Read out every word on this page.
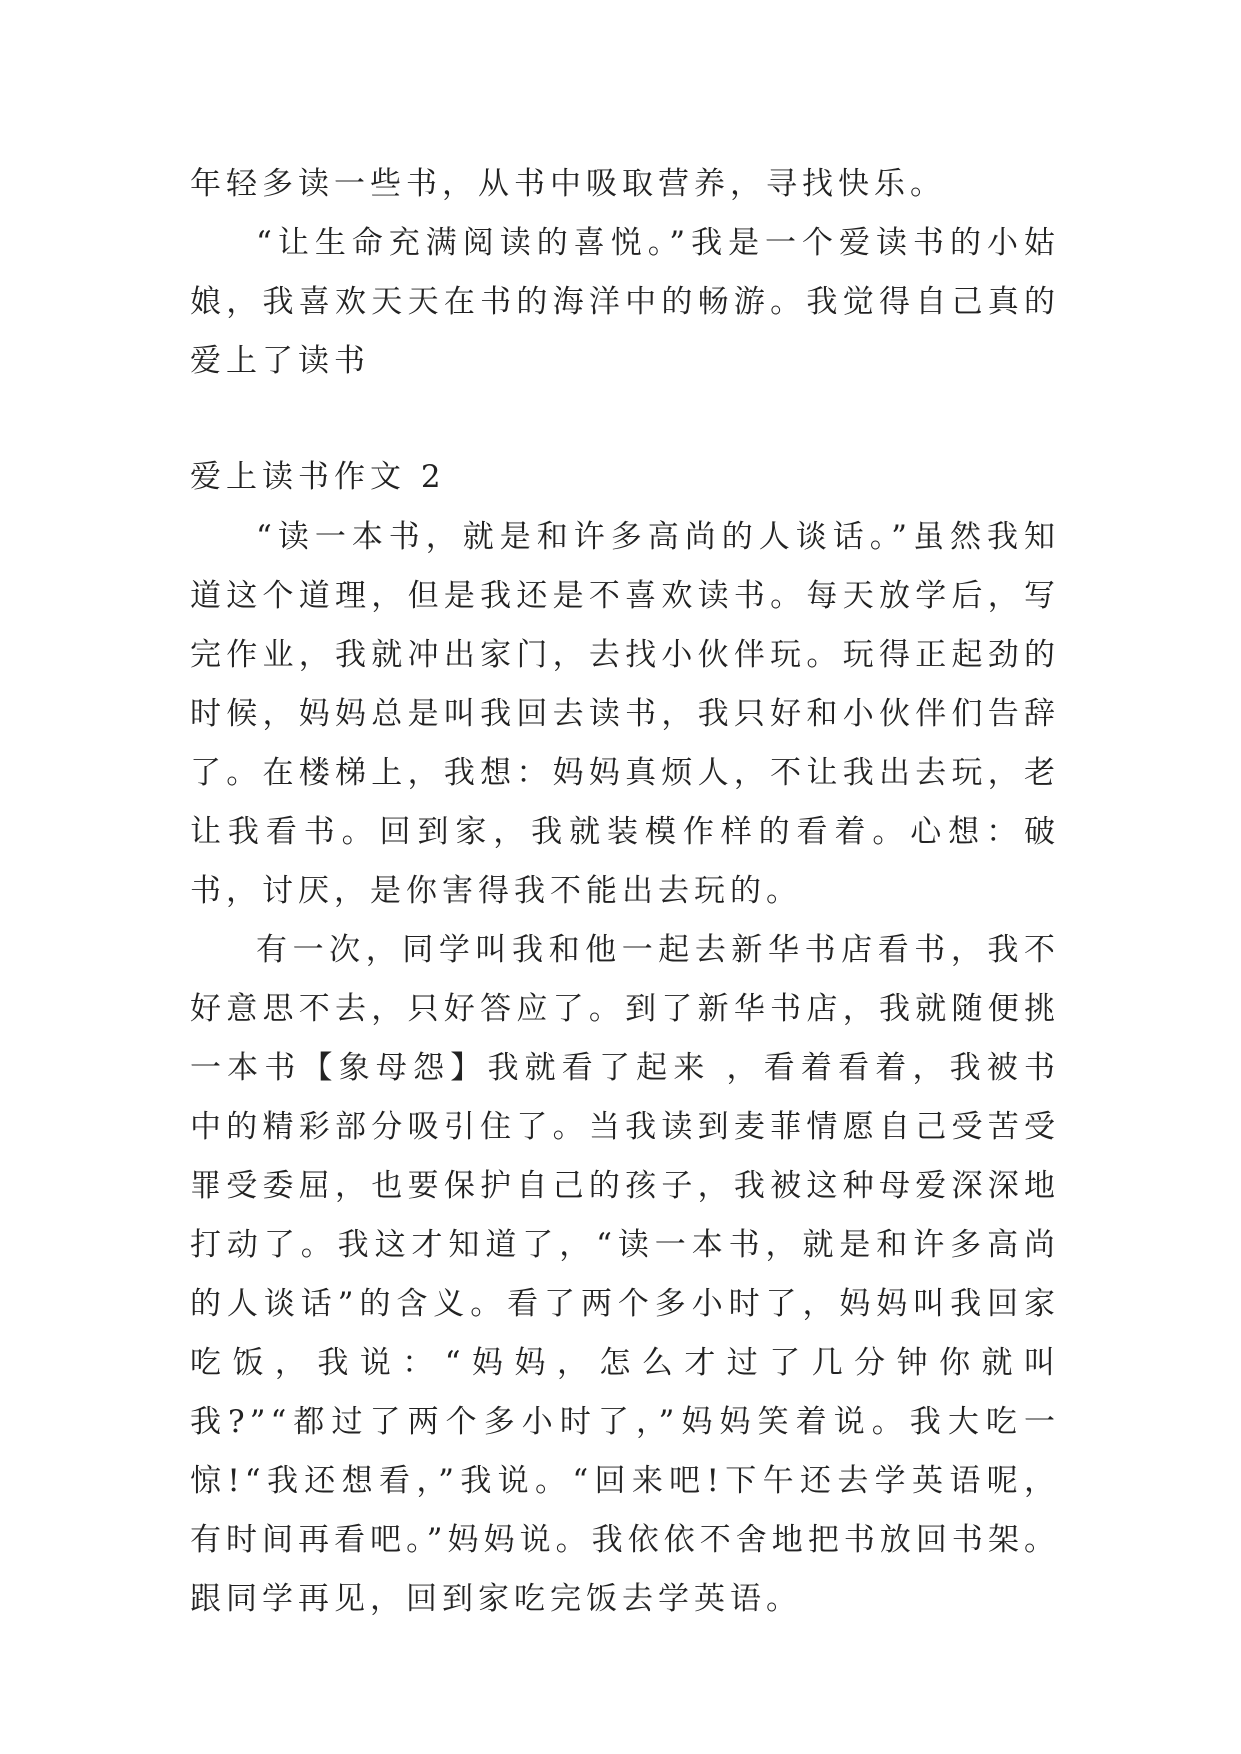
年轻多读一些书，从书中吸取营养，寻找快乐。

“让生命充满阅读的喜悦。”我是一个爱读书的小姑娘，我喜欢天天在书的海洋中的畅游。我觉得自己真的爱上了读书

爱上读书作文 2

“读一本书，就是和许多高尚的人谈话。”虽然我知道这个道理，但是我还是不喜欢读书。每天放学后，写完作业，我就冲出家门，去找小伙伴玩。玩得正起劲的时候，妈妈总是叫我回去读书，我只好和小伙伴们告辞了。在楼梯上，我想：妈妈真烦人，不让我出去玩，老让我看书。回到家，我就装模作样的看着。心想：破书，讨厌，是你害得我不能出去玩的。

有一次，同学叫我和他一起去新华书店看书，我不好意思不去，只好答应了。到了新华书店，我就随便挑一本书【象母怨】我就看了起来 ，看着看着，我被书中的精彩部分吸引住了。当我读到麦菲情愿自己受苦受罪受委屈，也要保护自己的孩子，我被这种母爱深深地打动了。我这才知道了，“读一本书，就是和许多高尚的人谈话”的含义。看了两个多小时了，妈妈叫我回家吃饭，我说：“妈妈，怎么才过了几分钟你就叫我?”“都过了两个多小时了，”妈妈笑着说。我大吃一惊!“我还想看，”我说。“回来吧!下午还去学英语呢，有时间再看吧。”妈妈说。我依依不舍地把书放回书架。跟同学再见，回到家吃完饭去学英语。
